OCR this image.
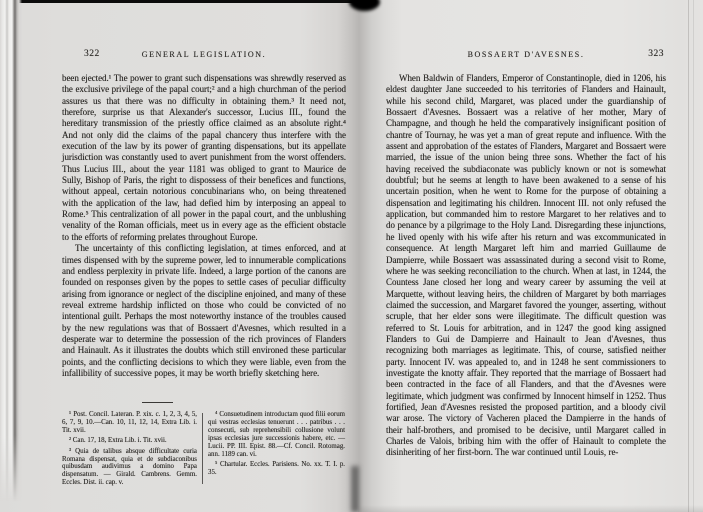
322	GENERAL LEGISLATION.

been ejected.¹ The power to grant such dispensations was shrewdly reserved as the exclusive privilege of the papal court;² and a high churchman of the period assures us that there was no difficulty in obtaining them.³ It need not, therefore, surprise us that Alexander's successor, Lucius III., found the hereditary transmission of the priestly office claimed as an absolute right.⁴ And not only did the claims of the papal chancery thus interfere with the execution of the law by its power of granting dispensations, but its appellate jurisdiction was constantly used to avert punishment from the worst offenders. Thus Lucius III., about the year 1181 was obliged to grant to Maurice de Sully, Bishop of Paris, the right to dispossess of their benefices and functions, without appeal, certain notorious concubinarians who, on being threatened with the application of the law, had defied him by interposing an appeal to Rome.⁵ This centralization of all power in the papal court, and the unblushing venality of the Roman officials, meet us in every age as the efficient obstacle to the efforts of reforming prelates throughout Europe.

The uncertainty of this conflicting legislation, at times enforced, and at times dispensed with by the supreme power, led to innumerable complications and endless perplexity in private life. Indeed, a large portion of the canons are founded on responses given by the popes to settle cases of peculiar difficulty arising from ignorance or neglect of the discipline enjoined, and many of these reveal extreme hardship inflicted on those who could be convicted of no intentional guilt. Perhaps the most noteworthy instance of the troubles caused by the new regulations was that of Bossaert d'Avesnes, which resulted in a desperate war to determine the possession of the rich provinces of Flanders and Hainault. As it illustrates the doubts which still environed these particular points, and the conflicting decisions to which they were liable, even from the infallibility of successive popes, it may be worth briefly sketching here.

¹ Post. Concil. Lateran. P. xix. c. 1, 2, 3, 4, 5, 6, 7, 9, 10.—Can. 10, 11, 12, 14, Extra Lib. i. Tit. xvii.

² Can. 17, 18, Extra Lib. i. Tit. xvii.

³ Quia de talibus absque difficultate curia Romana dispensat, quia et de subdiaconibus quibusdam audivimus a domino Papa dispensatum. — Girald. Cambrens. Gemm. Eccles. Dist. ii. cap. v.

⁴ Consuetudinem introductam quod filii eorum qui vestras ecclesias tenuerunt . . . patribus . . . consecuti, sub reprehensibili collusione volunt ipsas ecclesias jure successionis habere, etc. — Lucii. PP. III. Epist. 88.—Cf. Concil. Rotomag. ann. 1189 can. vi.

⁵ Chartular. Eccles. Parisiens. No. xx. T. I. p. 35.

BOSSAERT D'AVESNES.	323

When Baldwin of Flanders, Emperor of Constantinople, died in 1206, his eldest daughter Jane succeeded to his territories of Flanders and Hainault, while his second child, Margaret, was placed under the guardianship of Bossaert d'Avesnes. Bossaert was a relative of her mother, Mary of Champagne, and though he held the comparatively insignificant position of chantre of Tournay, he was yet a man of great repute and influence. With the assent and approbation of the estates of Flanders, Margaret and Bossaert were married, the issue of the union being three sons. Whether the fact of his having received the subdiaconate was publicly known or not is somewhat doubtful; but he seems at length to have been awakened to a sense of his uncertain position, when he went to Rome for the purpose of obtaining a dispensation and legitimating his children. Innocent III. not only refused the application, but commanded him to restore Margaret to her relatives and to do penance by a pilgrimage to the Holy Land. Disregarding these injunctions, he lived openly with his wife after his return and was excommunicated in consequence. At length Margaret left him and married Guillaume de Dampierre, while Bossaert was assassinated during a second visit to Rome, where he was seeking reconciliation to the church. When at last, in 1244, the Countess Jane closed her long and weary career by assuming the veil at Marquette, without leaving heirs, the children of Margaret by both marriages claimed the succession, and Margaret favored the younger, asserting, without scruple, that her elder sons were illegitimate. The difficult question was referred to St. Louis for arbitration, and in 1247 the good king assigned Flanders to Gui de Dampierre and Hainault to Jean d'Avesnes, thus recognizing both marriages as legitimate. This, of course, satisfied neither party. Innocent IV. was appealed to, and in 1248 he sent commissioners to investigate the knotty affair. They reported that the marriage of Bossaert had been contracted in the face of all Flanders, and that the d'Avesnes were legitimate, which judgment was confirmed by Innocent himself in 1252. Thus fortified, Jean d'Avesnes resisted the proposed partition, and a bloody civil war arose. The victory of Vacheren placed the Dampierre in the hands of their half-brothers, and promised to be decisive, until Margaret called in Charles de Valois, bribing him with the offer of Hainault to complete the disinheriting of her first-born. The war continued until Louis, re-
